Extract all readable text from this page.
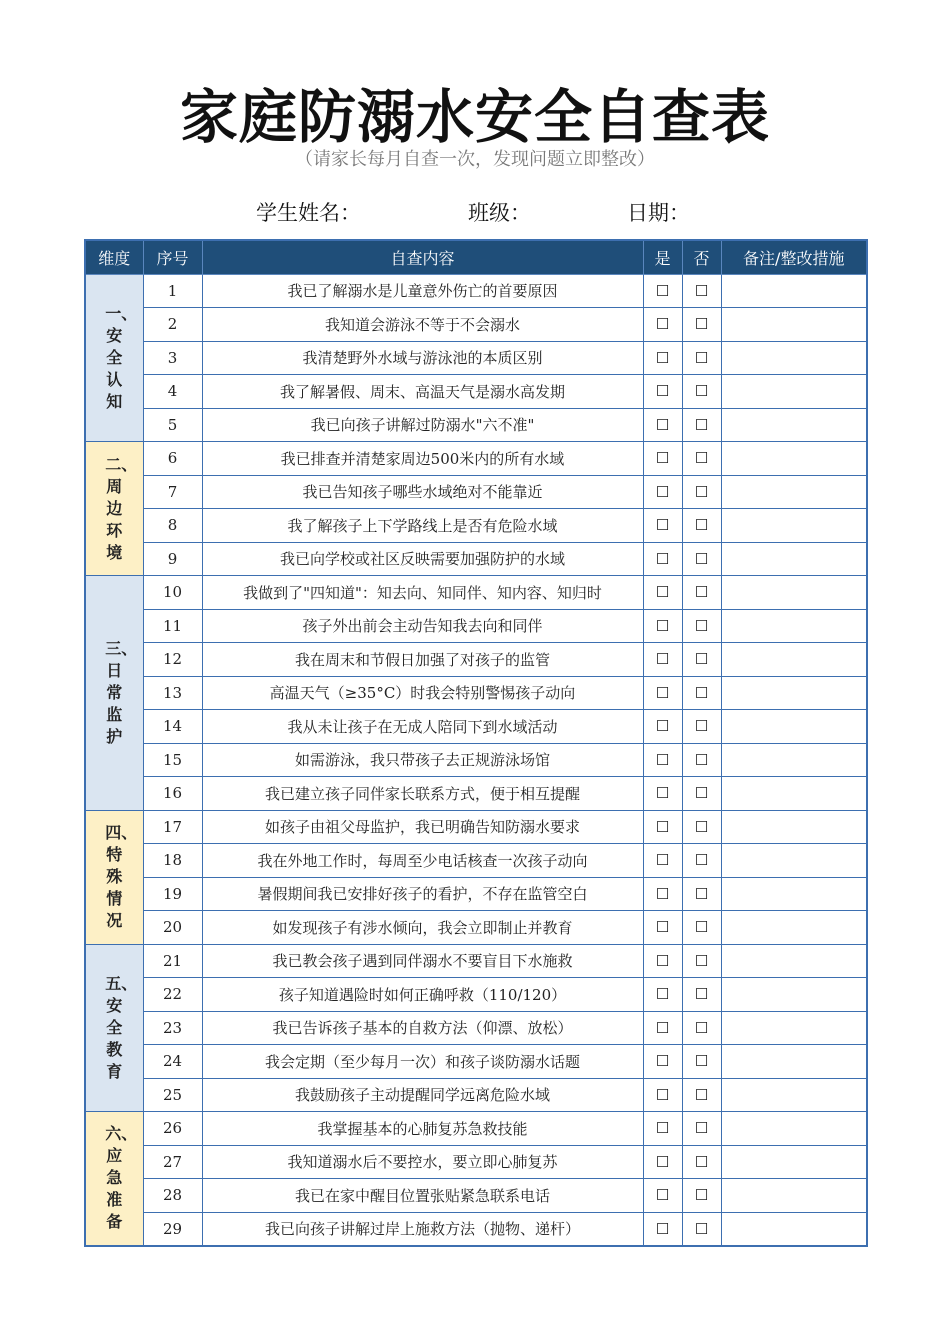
家庭防溺水安全自查表
（请家长每月自查一次，发现问题立即整改）
学生姓名：	班级：	日期：
维度	序号	自查内容	是	否	备注/整改措施
一、安全认知	1	我已了解溺水是儿童意外伤亡的首要原因	☐	☐	
	2	我知道会游泳不等于不会溺水	☐	☐	
	3	我清楚野外水域与游泳池的本质区别	☐	☐	
	4	我了解暑假、周末、高温天气是溺水高发期	☐	☐	
	5	我已向孩子讲解过防溺水"六不准"	☐	☐	
二、周边环境	6	我已排查并清楚家周边500米内的所有水域	☐	☐	
	7	我已告知孩子哪些水域绝对不能靠近	☐	☐	
	8	我了解孩子上下学路线上是否有危险水域	☐	☐	
	9	我已向学校或社区反映需要加强防护的水域	☐	☐	
三、日常监护	10	我做到了"四知道"：知去向、知同伴、知内容、知归时	☐	☐	
	11	孩子外出前会主动告知我去向和同伴	☐	☐	
	12	我在周末和节假日加强了对孩子的监管	☐	☐	
	13	高温天气（≥35°C）时我会特别警惕孩子动向	☐	☐	
	14	我从未让孩子在无成人陪同下到水域活动	☐	☐	
	15	如需游泳，我只带孩子去正规游泳场馆	☐	☐	
	16	我已建立孩子同伴家长联系方式，便于相互提醒	☐	☐	
四、特殊情况	17	如孩子由祖父母监护，我已明确告知防溺水要求	☐	☐	
	18	我在外地工作时，每周至少电话核查一次孩子动向	☐	☐	
	19	暑假期间我已安排好孩子的看护，不存在监管空白	☐	☐	
	20	如发现孩子有涉水倾向，我会立即制止并教育	☐	☐	
五、安全教育	21	我已教会孩子遇到同伴溺水不要盲目下水施救	☐	☐	
	22	孩子知道遇险时如何正确呼救（110/120）	☐	☐	
	23	我已告诉孩子基本的自救方法（仰漂、放松）	☐	☐	
	24	我会定期（至少每月一次）和孩子谈防溺水话题	☐	☐	
	25	我鼓励孩子主动提醒同学远离危险水域	☐	☐	
六、应急准备	26	我掌握基本的心肺复苏急救技能	☐	☐	
	27	我知道溺水后不要控水，要立即心肺复苏	☐	☐	
	28	我已在家中醒目位置张贴紧急联系电话	☐	☐	
	29	我已向孩子讲解过岸上施救方法（抛物、递杆）	☐	☐	
